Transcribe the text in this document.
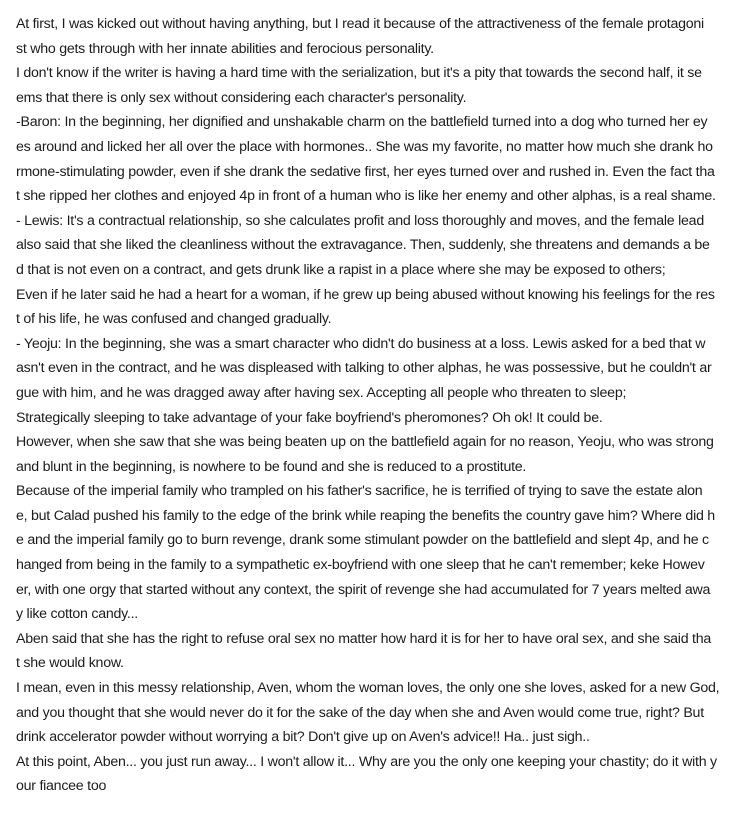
At first, I was kicked out without having anything, but I read it because of the attractiveness of the female protagoni
st who gets through with her innate abilities and ferocious personality.
I don't know if the writer is having a hard time with the serialization, but it's a pity that towards the second half, it se
ems that there is only sex without considering each character's personality.
-Baron: In the beginning, her dignified and unshakable charm on the battlefield turned into a dog who turned her ey
es around and licked her all over the place with hormones.. She was my favorite, no matter how much she drank ho
rmone-stimulating powder, even if she drank the sedative first, her eyes turned over and rushed in. Even the fact tha
t she ripped her clothes and enjoyed 4p in front of a human who is like her enemy and other alphas, is a real shame.
- Lewis: It's a contractual relationship, so she calculates profit and loss thoroughly and moves, and the female lead
also said that she liked the cleanliness without the extravagance. Then, suddenly, she threatens and demands a be
d that is not even on a contract, and gets drunk like a rapist in a place where she may be exposed to others;
Even if he later said he had a heart for a woman, if he grew up being abused without knowing his feelings for the res
t of his life, he was confused and changed gradually.
- Yeoju: In the beginning, she was a smart character who didn't do business at a loss. Lewis asked for a bed that w
asn't even in the contract, and he was displeased with talking to other alphas, he was possessive, but he couldn't ar
gue with him, and he was dragged away after having sex. Accepting all people who threaten to sleep;
Strategically sleeping to take advantage of your fake boyfriend's pheromones? Oh ok! It could be.
However, when she saw that she was being beaten up on the battlefield again for no reason, Yeoju, who was strong
and blunt in the beginning, is nowhere to be found and she is reduced to a prostitute.
Because of the imperial family who trampled on his father's sacrifice, he is terrified of trying to save the estate alon
e, but Calad pushed his family to the edge of the brink while reaping the benefits the country gave him? Where did h
e and the imperial family go to burn revenge, drank some stimulant powder on the battlefield and slept 4p, and he c
hanged from being in the family to a sympathetic ex-boyfriend with one sleep that he can't remember; keke Howev
er, with one orgy that started without any context, the spirit of revenge she had accumulated for 7 years melted awa
y like cotton candy...
Aben said that she has the right to refuse oral sex no matter how hard it is for her to have oral sex, and she said tha
t she would know.
I mean, even in this messy relationship, Aven, whom the woman loves, the only one she loves, asked for a new God,
and you thought that she would never do it for the sake of the day when she and Aven would come true, right? But
drink accelerator powder without worrying a bit? Don't give up on Aven's advice!! Ha.. just sigh..
At this point, Aben... you just run away... I won't allow it... Why are you the only one keeping your chastity; do it with y
our fiancee too
